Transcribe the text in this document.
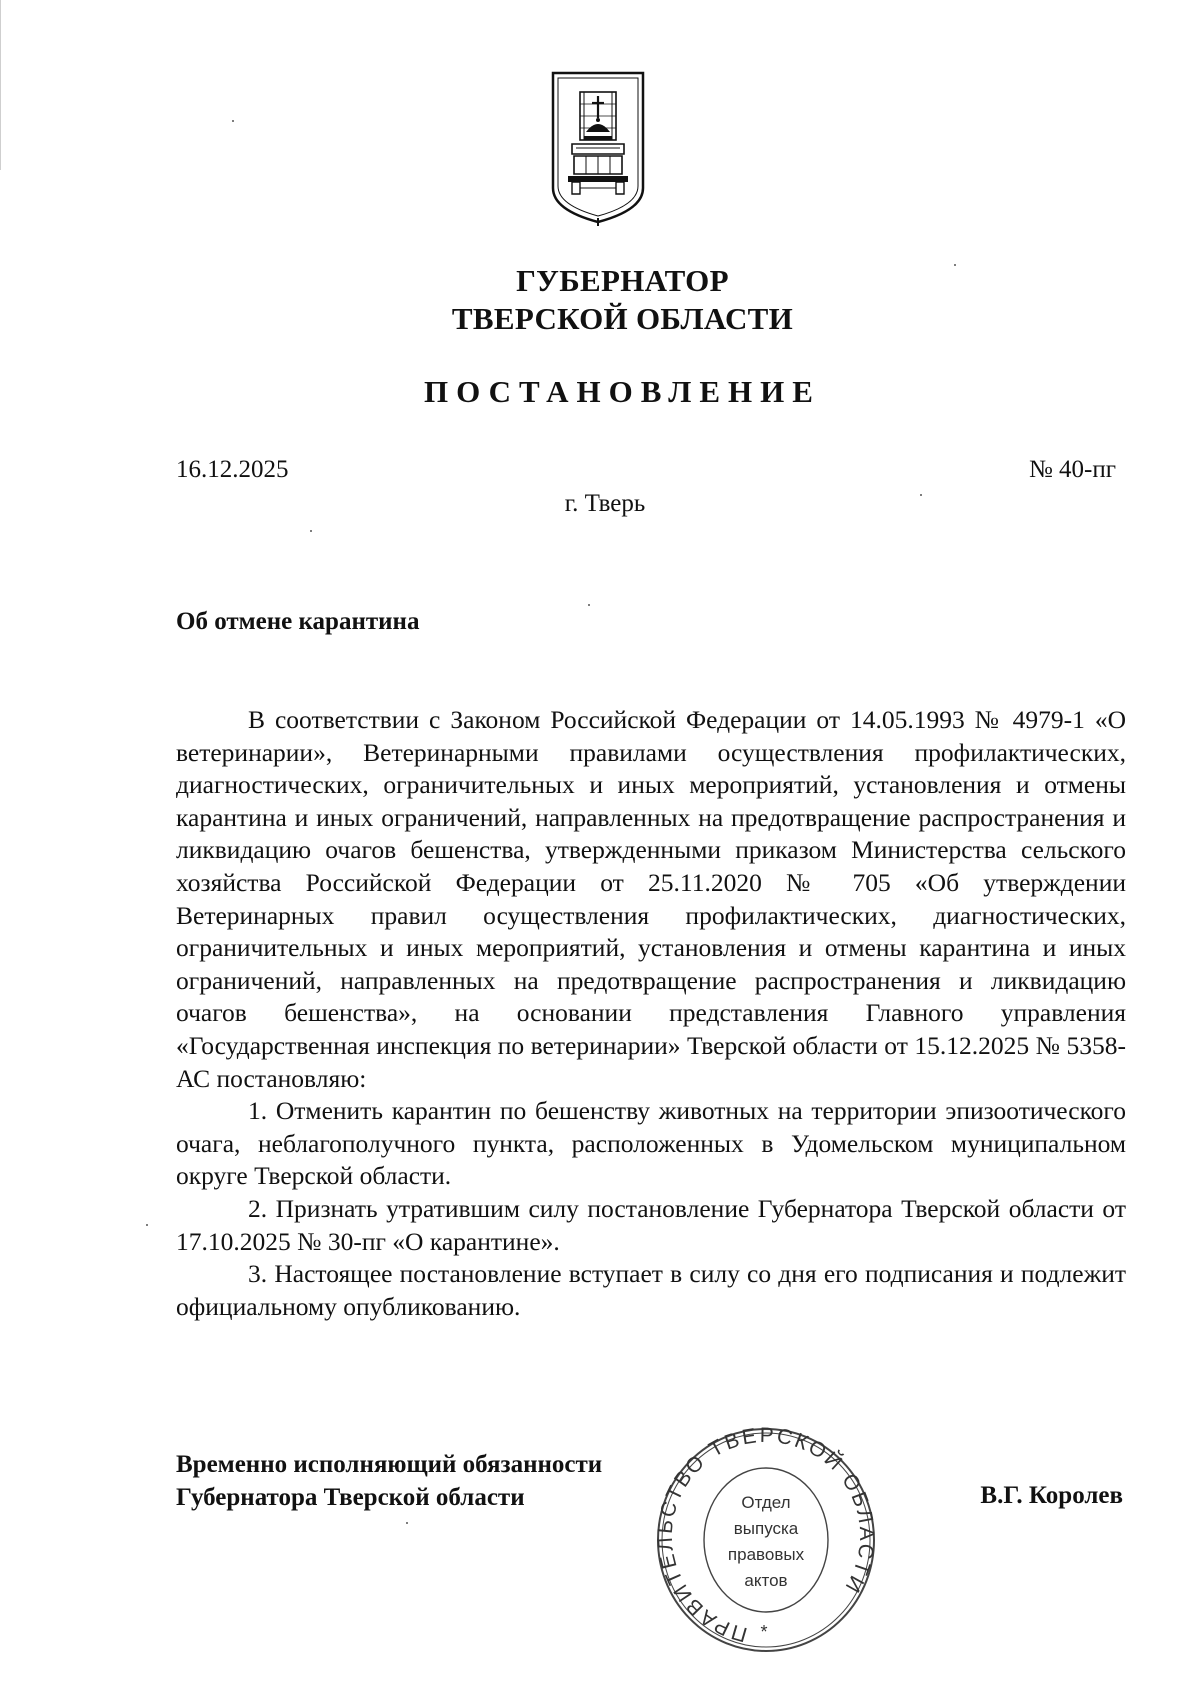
ГУБЕРНАТОР
ТВЕРСКОЙ ОБЛАСТИ
ПОСТАНОВЛЕНИЕ
16.12.2025	№ 40-пг
г. Тверь
Об отмене карантина

В соответствии с Законом Российской Федерации от 14.05.1993 № 4979-1 «О ветеринарии», Ветеринарными правилами осуществления профилактических, диагностических, ограничительных и иных мероприятий, установления и отмены карантина и иных ограничений, направленных на предотвращение распространения и ликвидацию очагов бешенства, утвержденными приказом Министерства сельского хозяйства Российской Федерации от 25.11.2020 № 705 «Об утверждении Ветеринарных правил осуществления профилактических, диагностических, ограничительных и иных мероприятий, установления и отмены карантина и иных ограничений, направленных на предотвращение распространения и ликвидацию очагов бешенства», на основании представления Главного управления «Государственная инспекция по ветеринарии» Тверской области от 15.12.2025 № 5358-АС постановляю:

1. Отменить карантин по бешенству животных на территории эпизоотического очага, неблагополучного пункта, расположенных в Удомельском муниципальном округе Тверской области.

2. Признать утратившим силу постановление Губернатора Тверской области от 17.10.2025 № 30-пг «О карантине».

3. Настоящее постановление вступает в силу со дня его подписания и подлежит официальному опубликованию.

Временно исполняющий обязанности
Губернатора Тверской области
ПРАВИТЕЛЬСТВО ТВЕРСКОЙ ОБЛАСТИ
*
Отдел
выпуска
правовых
актов
В.Г. Королев
